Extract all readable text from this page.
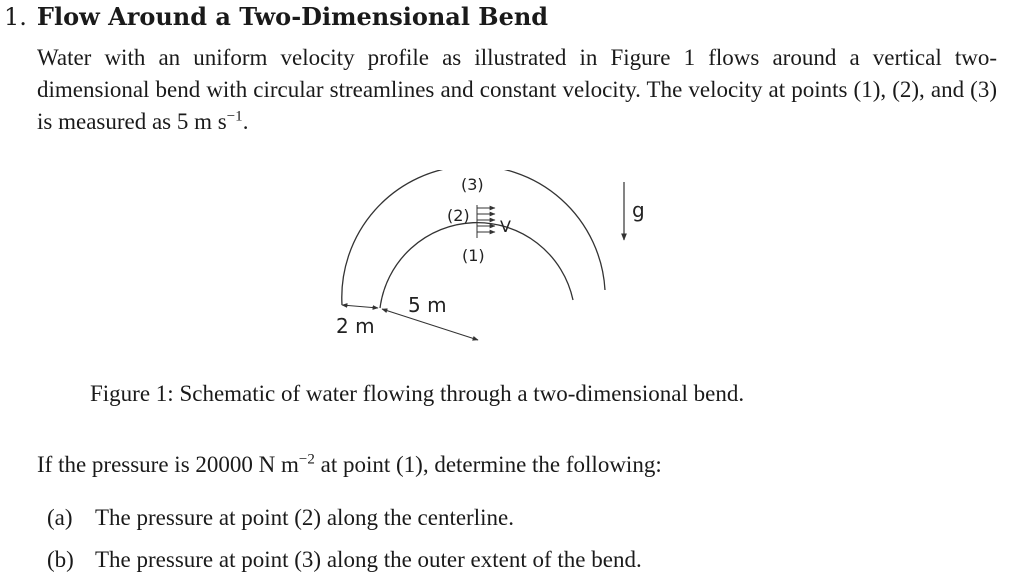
1. Flow Around a Two-Dimensional Bend
Water with an uniform velocity profile as illustrated in Figure 1 flows around a vertical two-dimensional bend with circular streamlines and constant velocity. The velocity at points (1), (2), and (3) is measured as 5 m $s^{-1}$.
(3)
(2)
(1)
V
g
5 m
2 m
Figure 1: Schematic of water flowing through a two-dimensional bend.
If the pressure is 20000 N $m^{-2}$ at point (1), determine the following:
(a) The pressure at point (2) along the centerline.
(b) The pressure at point (3) along the outer extent of the bend.
